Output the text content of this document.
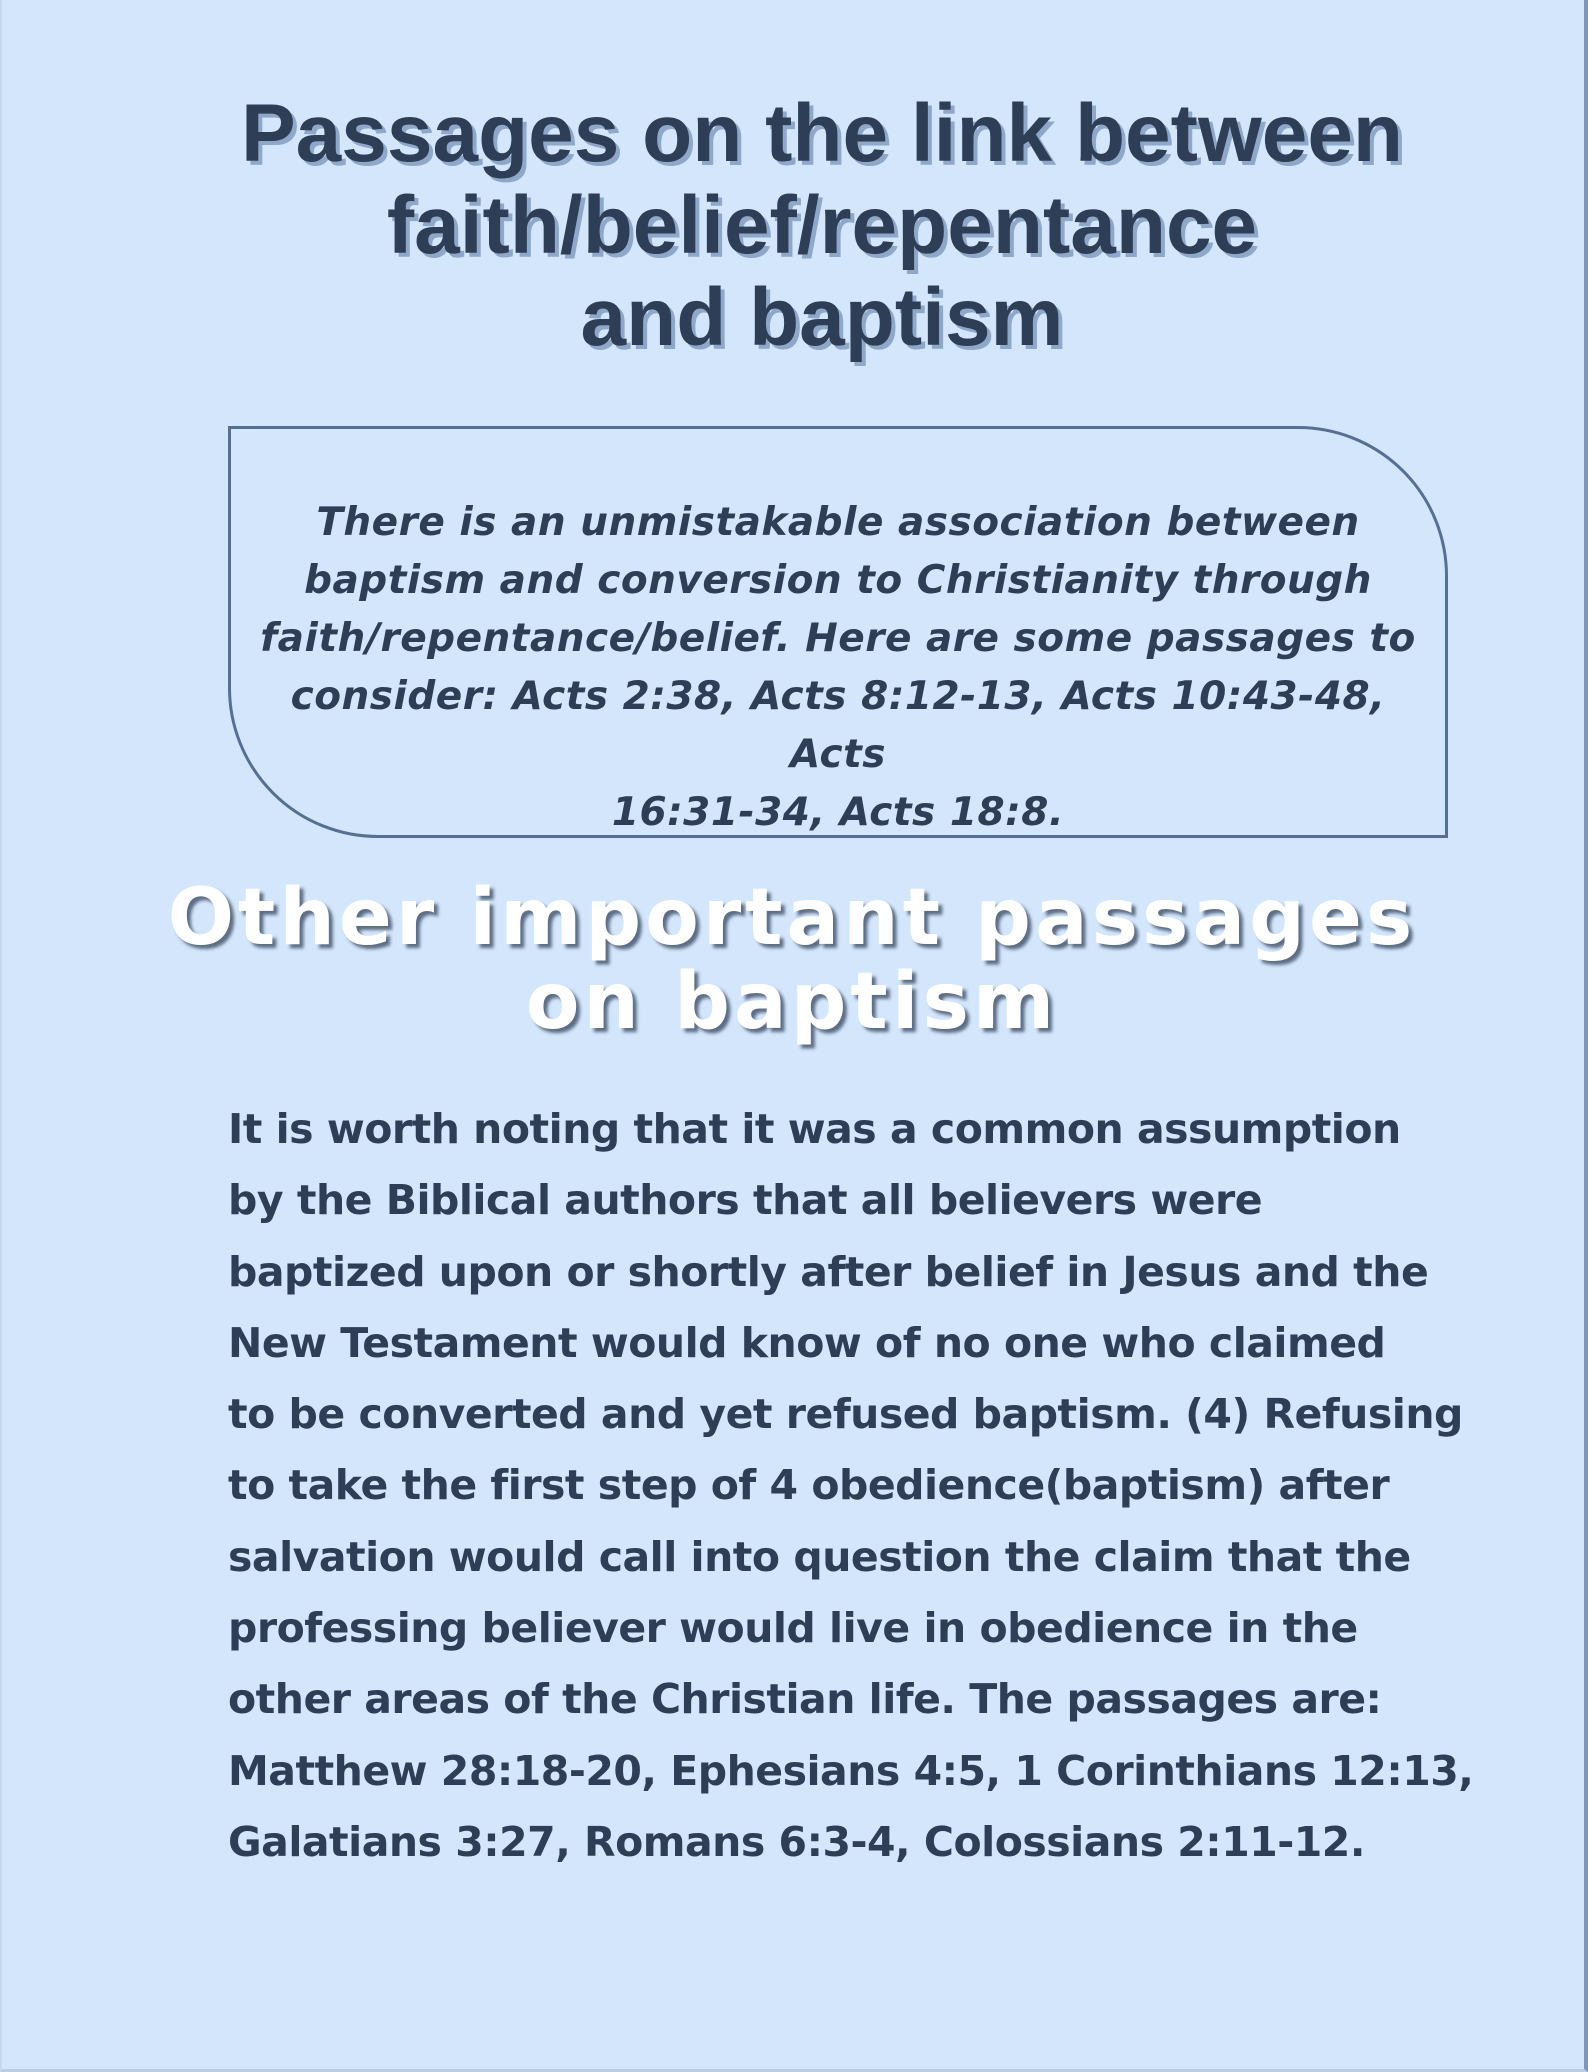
Passages on the link between
faith/belief/repentance
and baptism

There is an unmistakable association between
baptism and conversion to Christianity through
faith/repentance/belief. Here are some passages to
consider: Acts 2:38, Acts 8:12-13, Acts 10:43-48, Acts
16:31-34, Acts 18:8.

Other important passages
on baptism

It is worth noting that it was a common assumption
by the Biblical authors that all believers were
baptized upon or shortly after belief in Jesus and the
New Testament would know of no one who claimed
to be converted and yet refused baptism. (4) Refusing
to take the first step of 4 obedience(baptism) after
salvation would call into question the claim that the
professing believer would live in obedience in the
other areas of the Christian life. The passages are:
Matthew 28:18-20, Ephesians 4:5, 1 Corinthians 12:13,
Galatians 3:27, Romans 6:3-4, Colossians 2:11-12.
